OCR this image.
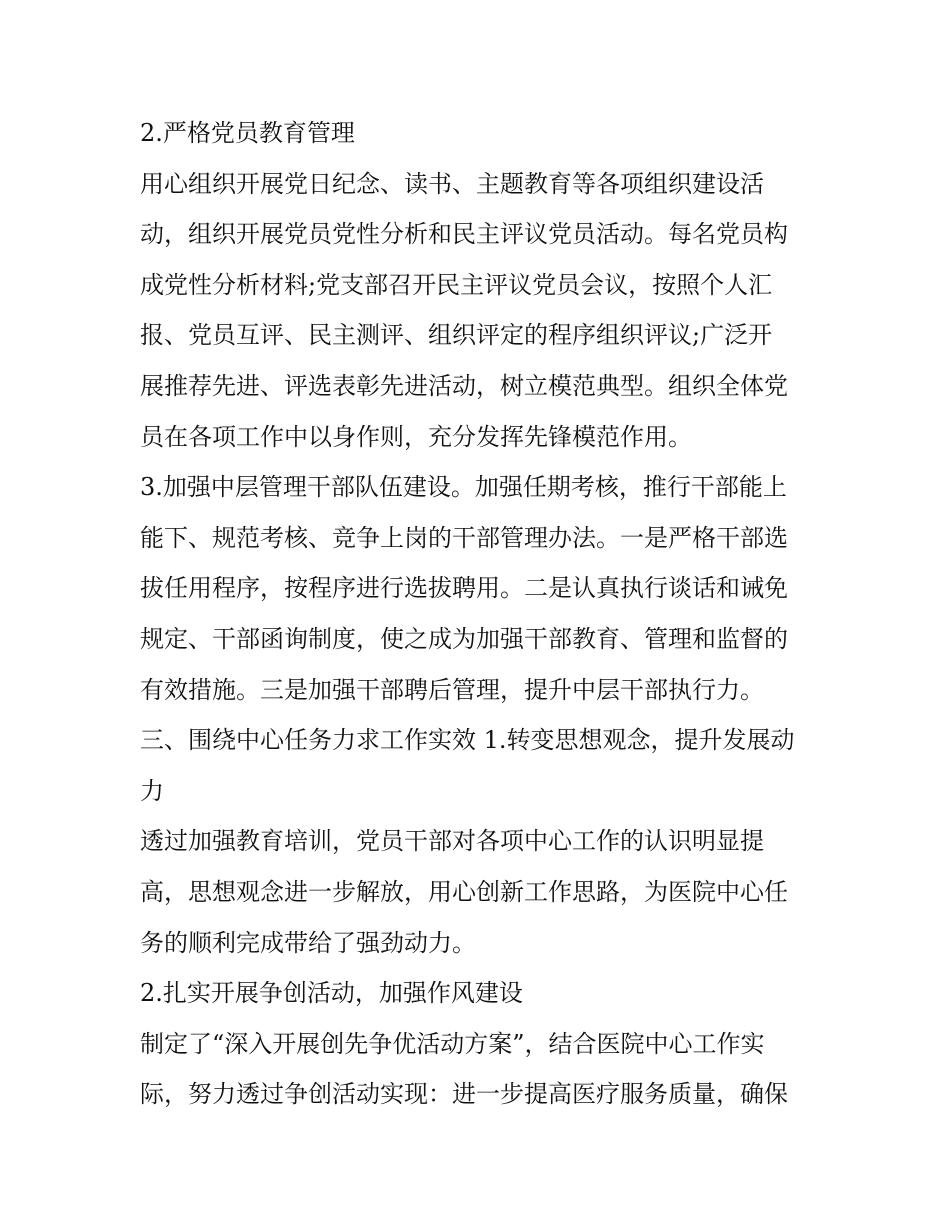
2.严格党员教育管理

用心组织开展党日纪念、读书、主题教育等各项组织建设活

动，组织开展党员党性分析和民主评议党员活动。每名党员构

成党性分析材料;党支部召开民主评议党员会议，按照个人汇

报、党员互评、民主测评、组织评定的程序组织评议;广泛开

展推荐先进、评选表彰先进活动，树立模范典型。组织全体党

员在各项工作中以身作则，充分发挥先锋模范作用。

3.加强中层管理干部队伍建设。加强任期考核，推行干部能上

能下、规范考核、竞争上岗的干部管理办法。一是严格干部选

拔任用程序，按程序进行选拔聘用。二是认真执行谈话和诫免

规定、干部函询制度，使之成为加强干部教育、管理和监督的

有效措施。三是加强干部聘后管理，提升中层干部执行力。

三、围绕中心任务力求工作实效 1.转变思想观念，提升发展动

力

透过加强教育培训，党员干部对各项中心工作的认识明显提

高，思想观念进一步解放，用心创新工作思路，为医院中心任

务的顺利完成带给了强劲动力。

2.扎实开展争创活动，加强作风建设

制定了“深入开展创先争优活动方案”，结合医院中心工作实

际，努力透过争创活动实现：进一步提高医疗服务质量，确保
